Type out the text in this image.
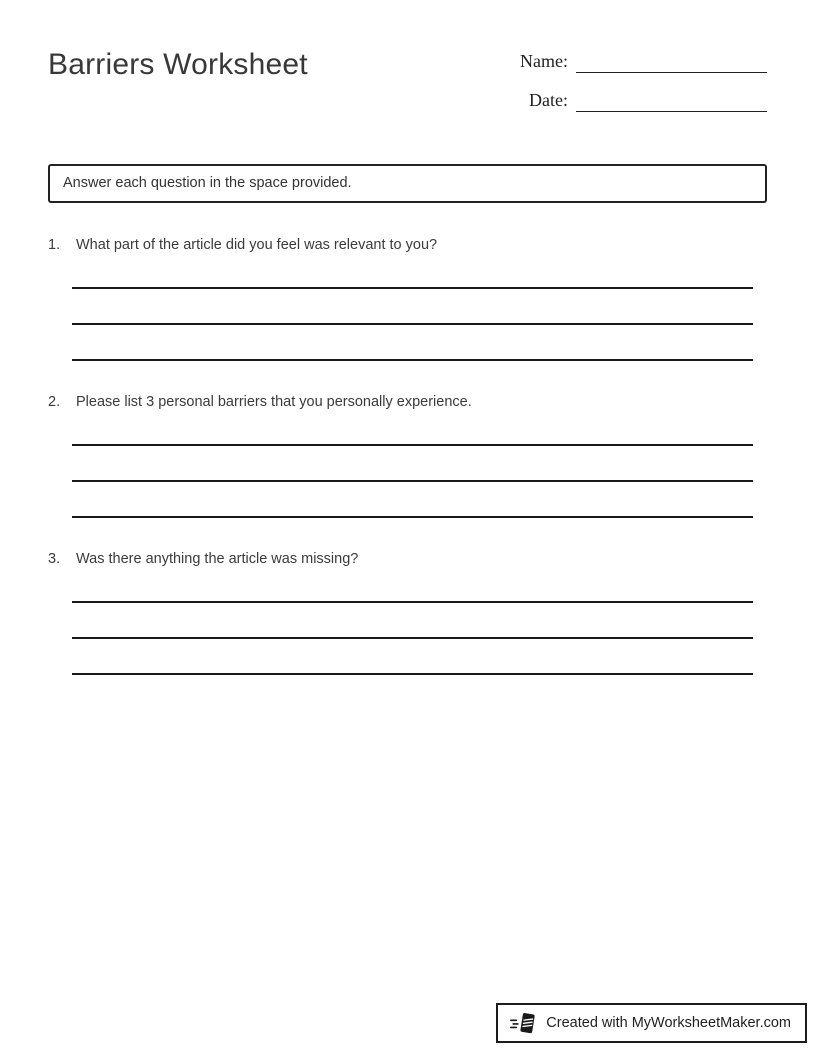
Barriers Worksheet	Name:
Date:
Answer each question in the space provided.
1.	What part of the article did you feel was relevant to you?
2.	Please list 3 personal barriers that you personally experience.
3.	Was there anything the article was missing?
Created with MyWorksheetMaker.com
